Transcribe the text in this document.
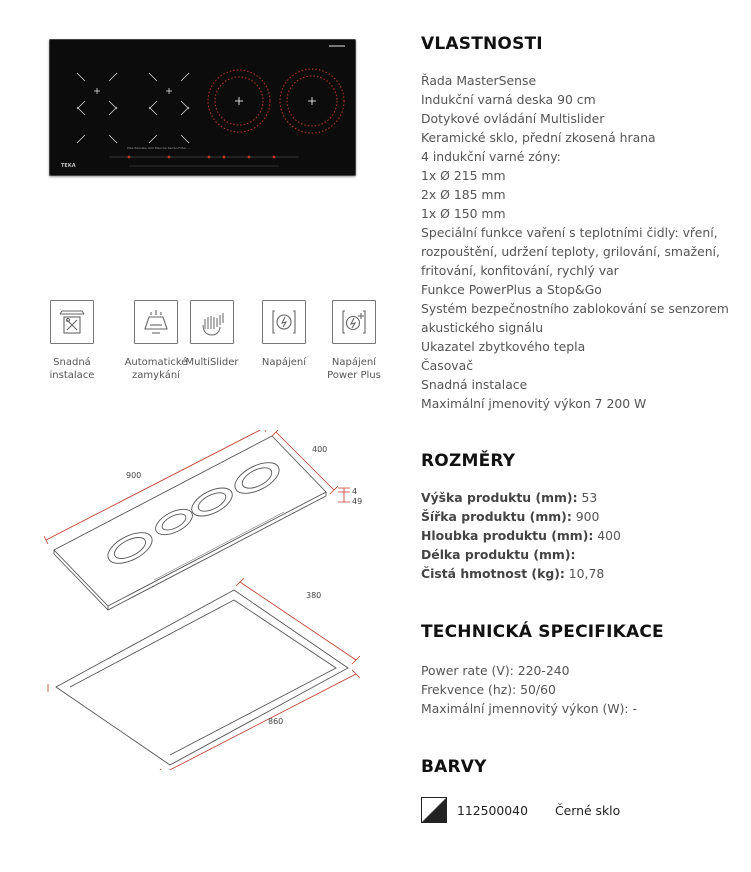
TEKA
Pote Pancake Grill Plancha Sartén Fritar ...
Snadná instalace
Automatické zamykání
MultiSlider	Napájení	Napájení Power Plus
900
400
4
49
380
860
VLASTNOSTI
Řada MasterSense
Indukční varná deska 90 cm
Dotykové ovládání Multislider
Keramické sklo, přední zkosená hrana
4 indukční varné zóny:
1x Ø 215 mm
2x Ø 185 mm
1x Ø 150 mm
Speciální funkce vaření s teplotními čidly: vření, rozpouštění, udržení teploty, grilování, smažení, fritování, konfitování, rychlý var
Funkce PowerPlus a Stop&Go
Systém bezpečnostního zablokování se senzorem akustického signálu
Ukazatel zbytkového tepla
Časovač
Snadná instalace
Maximální jmenovitý výkon 7 200 W
ROZMĚRY
Výška produktu (mm): 53
Šířka produktu (mm): 900
Hloubka produktu (mm): 400
Délka produktu (mm):
Čistá hmotnost (kg): 10,78
TECHNICKÁ SPECIFIKACE
Power rate (V): 220-240
Frekvence (hz): 50/60
Maximální jmennovitý výkon (W): -
BARVY
112500040 Černé sklo
